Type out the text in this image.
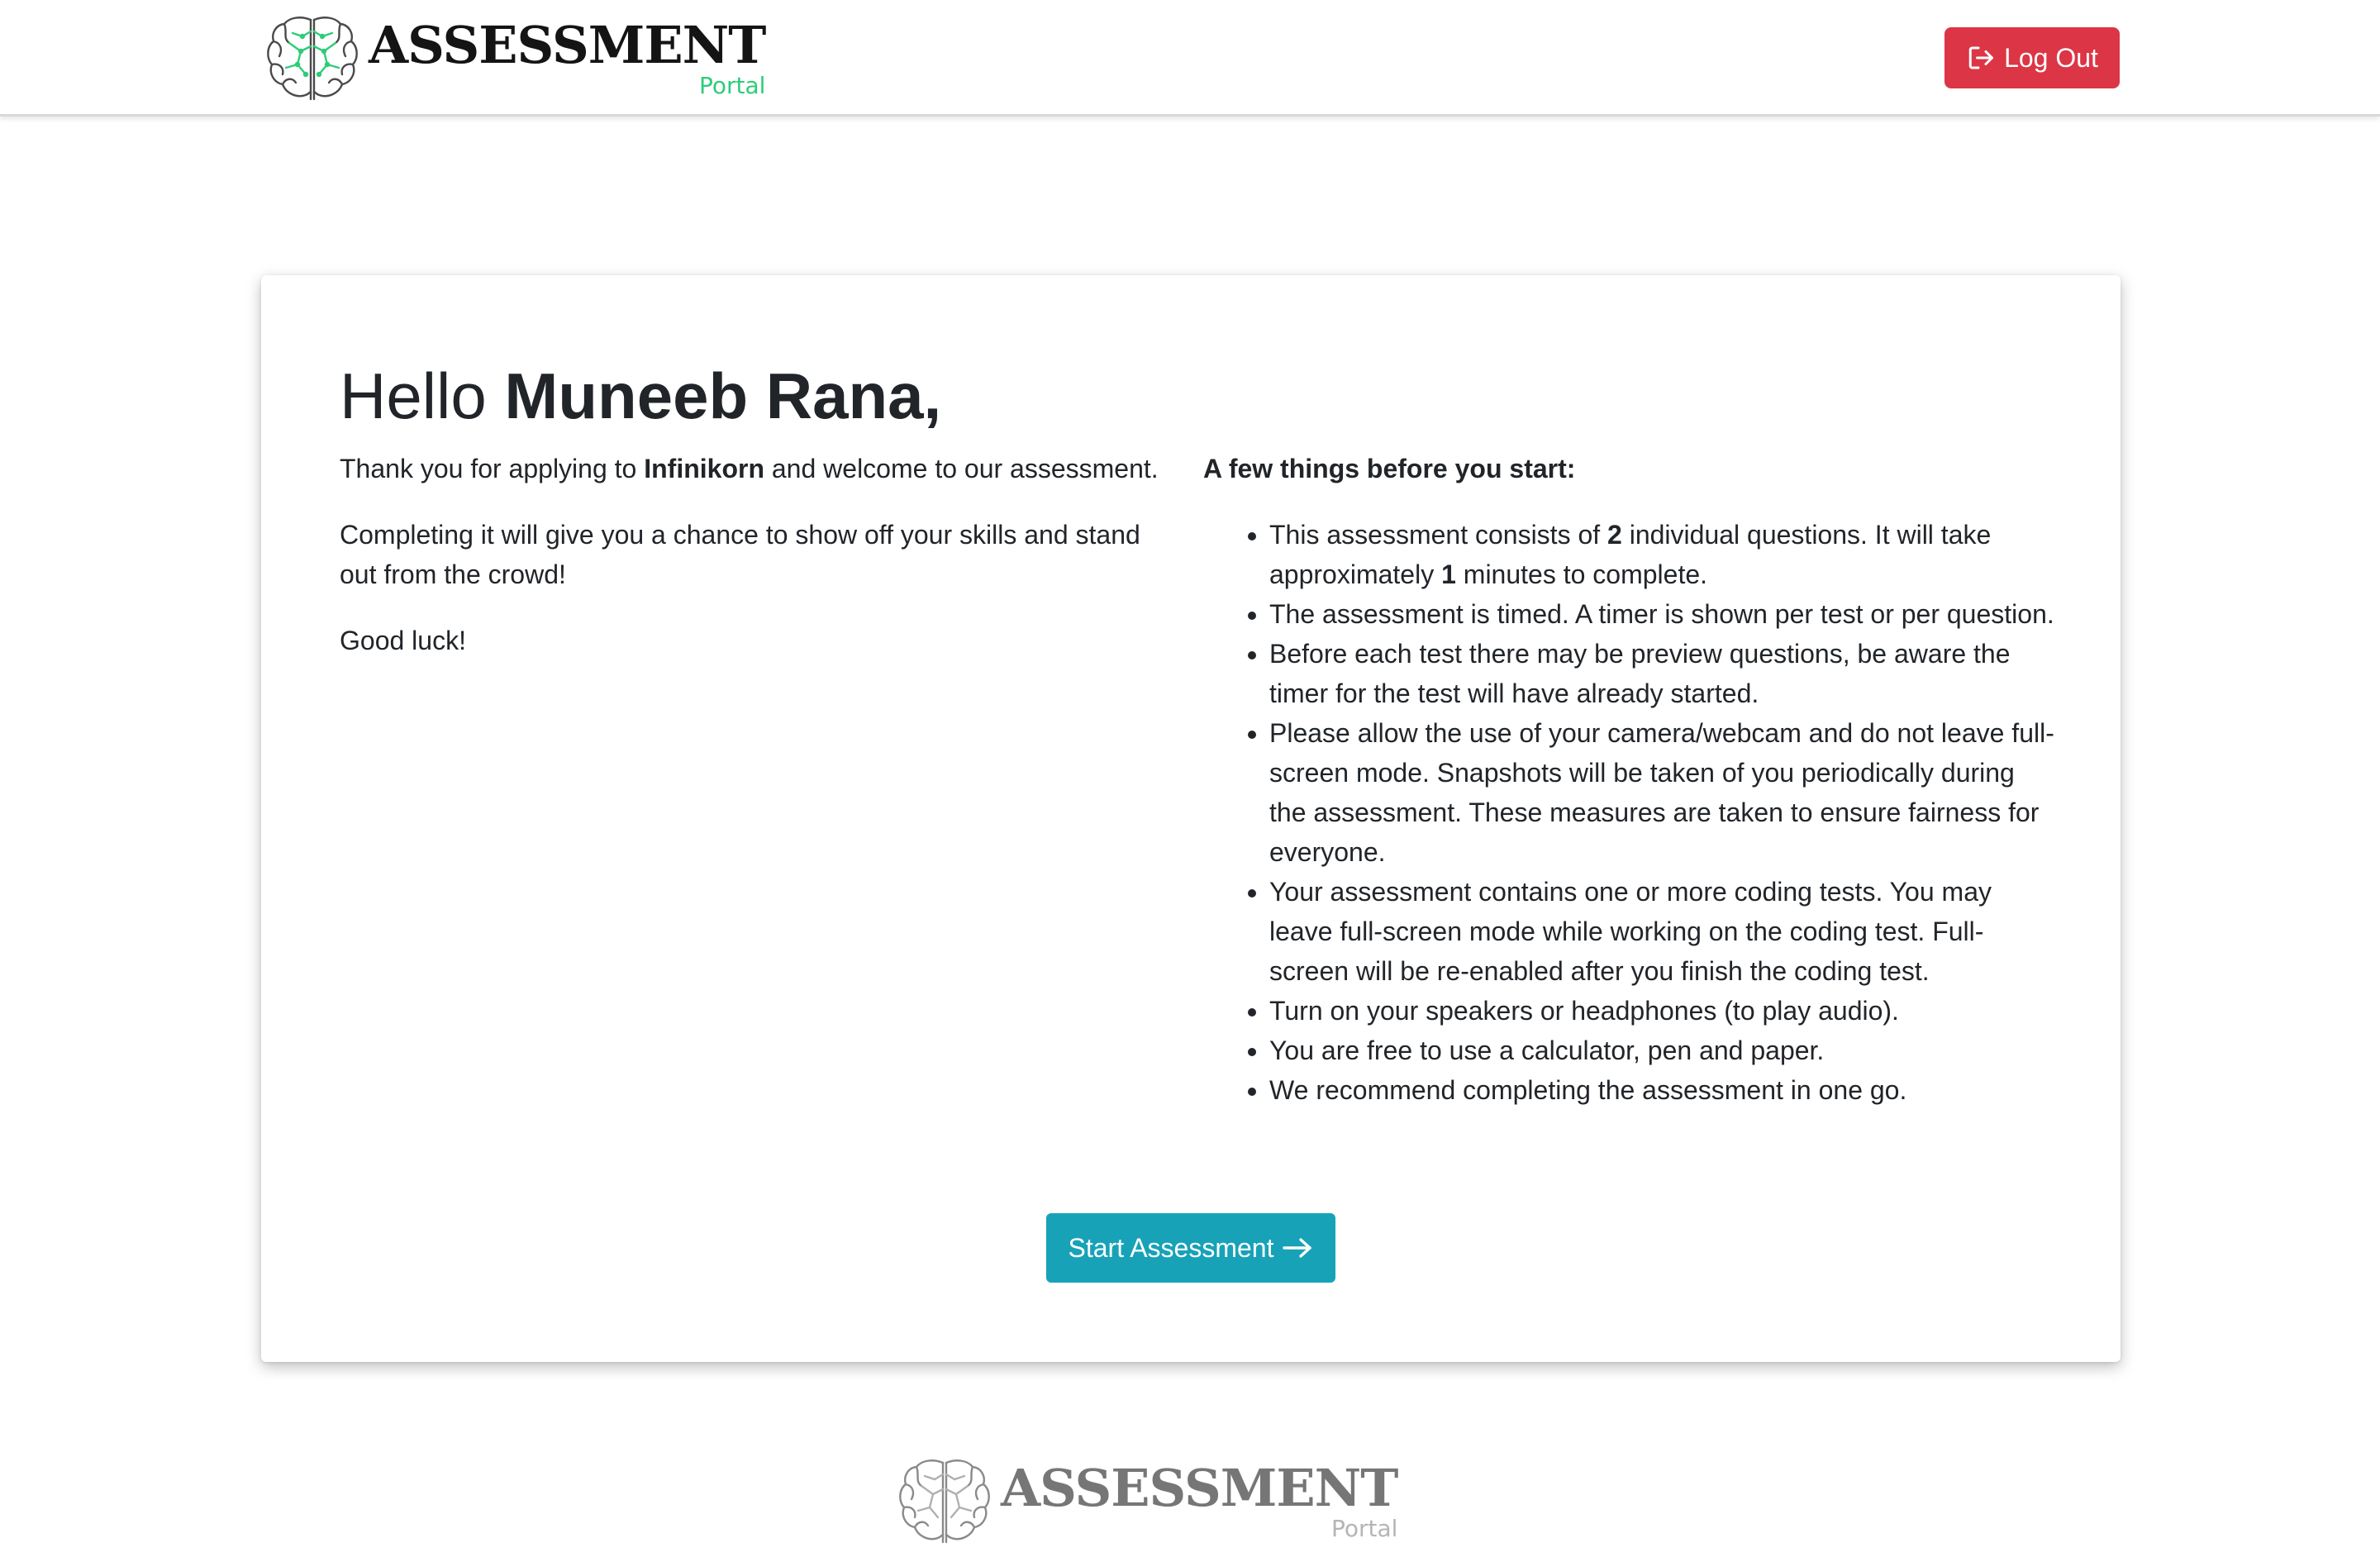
ASSESSMENT
Portal
Log Out
Hello Muneeb Rana,

Thank you for applying to Infinikorn and welcome to our assessment.

Completing it will give you a chance to show off your skills and stand out from the crowd!

Good luck!

A few things before you start:

• This assessment consists of 2 individual questions. It will take approximately 1 minutes to complete.
• The assessment is timed. A timer is shown per test or per question.
• Before each test there may be preview questions, be aware the timer for the test will have already started.
• Please allow the use of your camera/webcam and do not leave full-screen mode. Snapshots will be taken of you periodically during the assessment. These measures are taken to ensure fairness for everyone.
• Your assessment contains one or more coding tests. You may leave full-screen mode while working on the coding test. Full-screen will be re-enabled after you finish the coding test.
• Turn on your speakers or headphones (to play audio).
• You are free to use a calculator, pen and paper.
• We recommend completing the assessment in one go.
Start Assessment
ASSESSMENT
Portal
